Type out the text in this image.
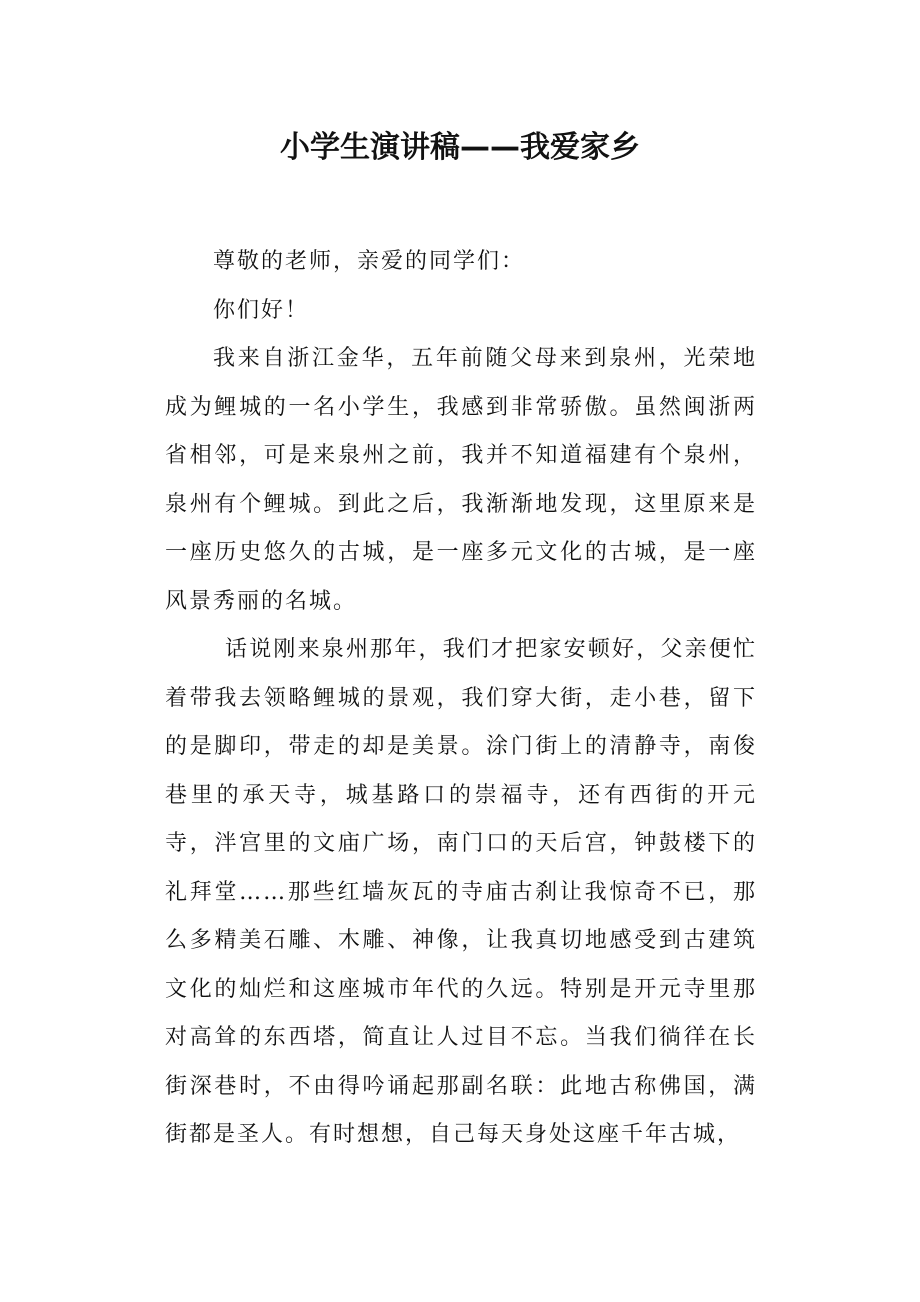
小学生演讲稿——我爱家乡

尊敬的老师，亲爱的同学们：

你们好！

我来自浙江金华，五年前随父母来到泉州，光荣地成为鲤城的一名小学生，我感到非常骄傲。虽然闽浙两省相邻，可是来泉州之前，我并不知道福建有个泉州，泉州有个鲤城。到此之后，我渐渐地发现，这里原来是一座历史悠久的古城，是一座多元文化的古城，是一座风景秀丽的名城。

话说刚来泉州那年，我们才把家安顿好，父亲便忙着带我去领略鲤城的景观，我们穿大街，走小巷，留下的是脚印，带走的却是美景。涂门街上的清静寺，南俊巷里的承天寺，城基路口的崇福寺，还有西街的开元寺，泮宫里的文庙广场，南门口的天后宫，钟鼓楼下的礼拜堂……那些红墙灰瓦的寺庙古刹让我惊奇不已，那么多精美石雕、木雕、神像，让我真切地感受到古建筑文化的灿烂和这座城市年代的久远。特别是开元寺里那对高耸的东西塔，简直让人过目不忘。当我们徜徉在长街深巷时，不由得吟诵起那副名联：此地古称佛国，满街都是圣人。有时想想，自己每天身处这座千年古城，
